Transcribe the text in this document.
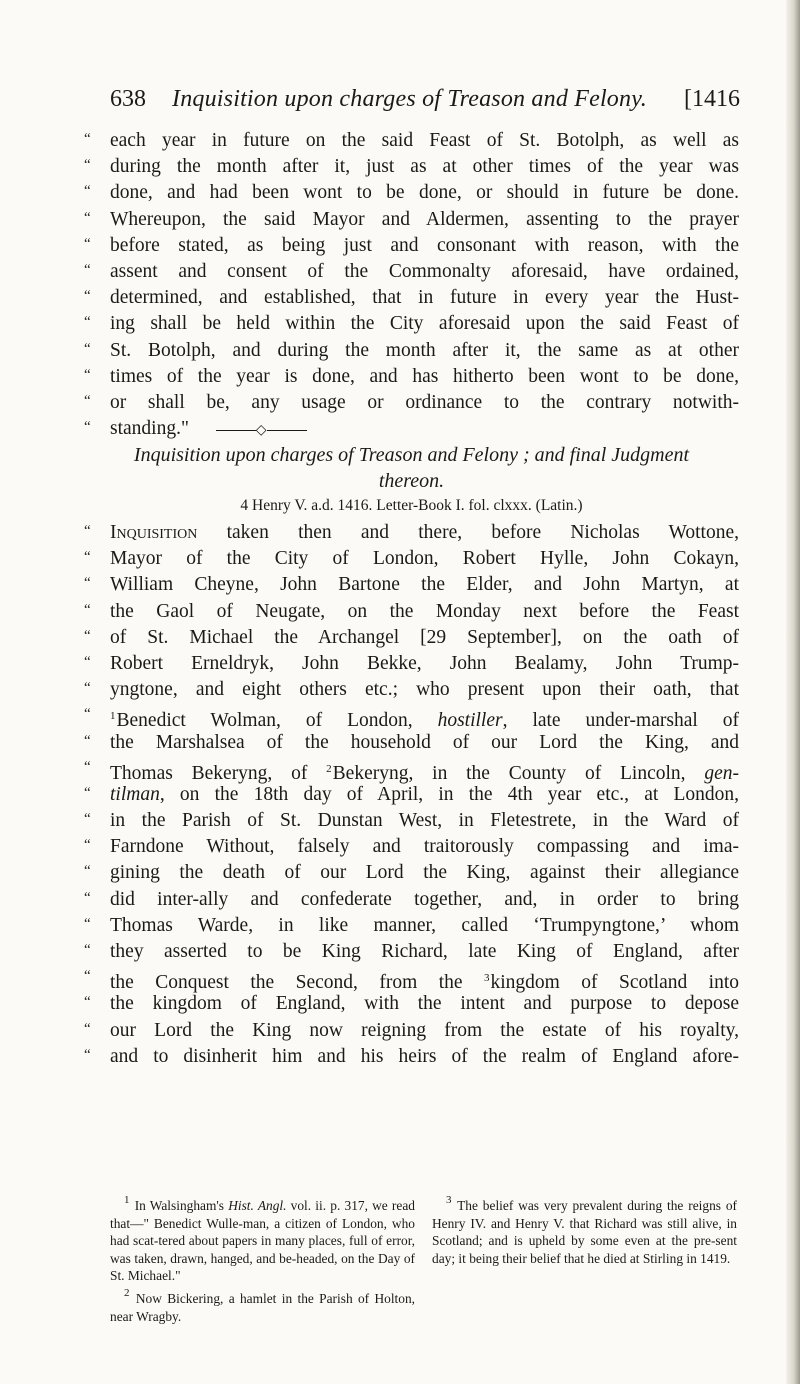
638 Inquisition upon charges of Treason and Felony. [1416
“ each year in future on the said Feast of St. Botolph, as well as
“ during the month after it, just as at other times of the year was
“ done, and had been wont to be done, or should in future be done.
“ Whereupon, the said Mayor and Aldermen, assenting to the prayer
“ before stated, as being just and consonant with reason, with the
“ assent and consent of the Commonalty aforesaid, have ordained,
“ determined, and established, that in future in every year the Hust-
“ ing shall be held within the City aforesaid upon the said Feast of
“ St. Botolph, and during the month after it, the same as at other
“ times of the year is done, and has hitherto been wont to be done,
“ or shall be, any usage or ordinance to the contrary notwith-
“ standing."	◇
Inquisition upon charges of Treason and Felony ; and final Judgment
thereon.
4 Henry V. a.d. 1416. Letter-Book I. fol. clxxx. (Latin.)
“ Inquisition taken then and there, before Nicholas Wottone,
“ Mayor of the City of London, Robert Hylle, John Cokayn,
“ William Cheyne, John Bartone the Elder, and John Martyn, at
“ the Gaol of Neugate, on the Monday next before the Feast
“ of St. Michael the Archangel [29 September], on the oath of
“ Robert Erneldryk, John Bekke, John Bealamy, John Trump-
“ yngtone, and eight others etc.; who present upon their oath, that
“ $^1$Benedict Wolman, of London, hostiller, late under-marshal of
“ the Marshalsea of the household of our Lord the King, and
“ Thomas Bekeryng, of $^2$Bekeryng, in the County of Lincoln, gen-
“ tilman, on the 18th day of April, in the 4th year etc., at London,
“ in the Parish of St. Dunstan West, in Fletestrete, in the Ward of
“ Farndone Without, falsely and traitorously compassing and ima-
“ gining the death of our Lord the King, against their allegiance
“ did inter-ally and confederate together, and, in order to bring
“ Thomas Warde, in like manner, called ‘Trumpyngtone,’ whom
“ they asserted to be King Richard, late King of England, after
“ the Conquest the Second, from the $^3$kingdom of Scotland into
“ the kingdom of England, with the intent and purpose to depose
“ our Lord the King now reigning from the estate of his royalty,
“ and to disinherit him and his heirs of the realm of England afore-

$^1$ In Walsingham's Hist. Angl. vol. ii. p. 317, we read that—" Benedict Wulle-man, a citizen of London, who had scat-tered about papers in many places, full of error, was taken, drawn, hanged, and be-headed, on the Day of St. Michael."

$^2$ Now Bickering, a hamlet in the Parish of Holton, near Wragby.

$^3$ The belief was very prevalent during the reigns of Henry IV. and Henry V. that Richard was still alive, in Scotland; and is upheld by some even at the pre-sent day; it being their belief that he died at Stirling in 1419.
